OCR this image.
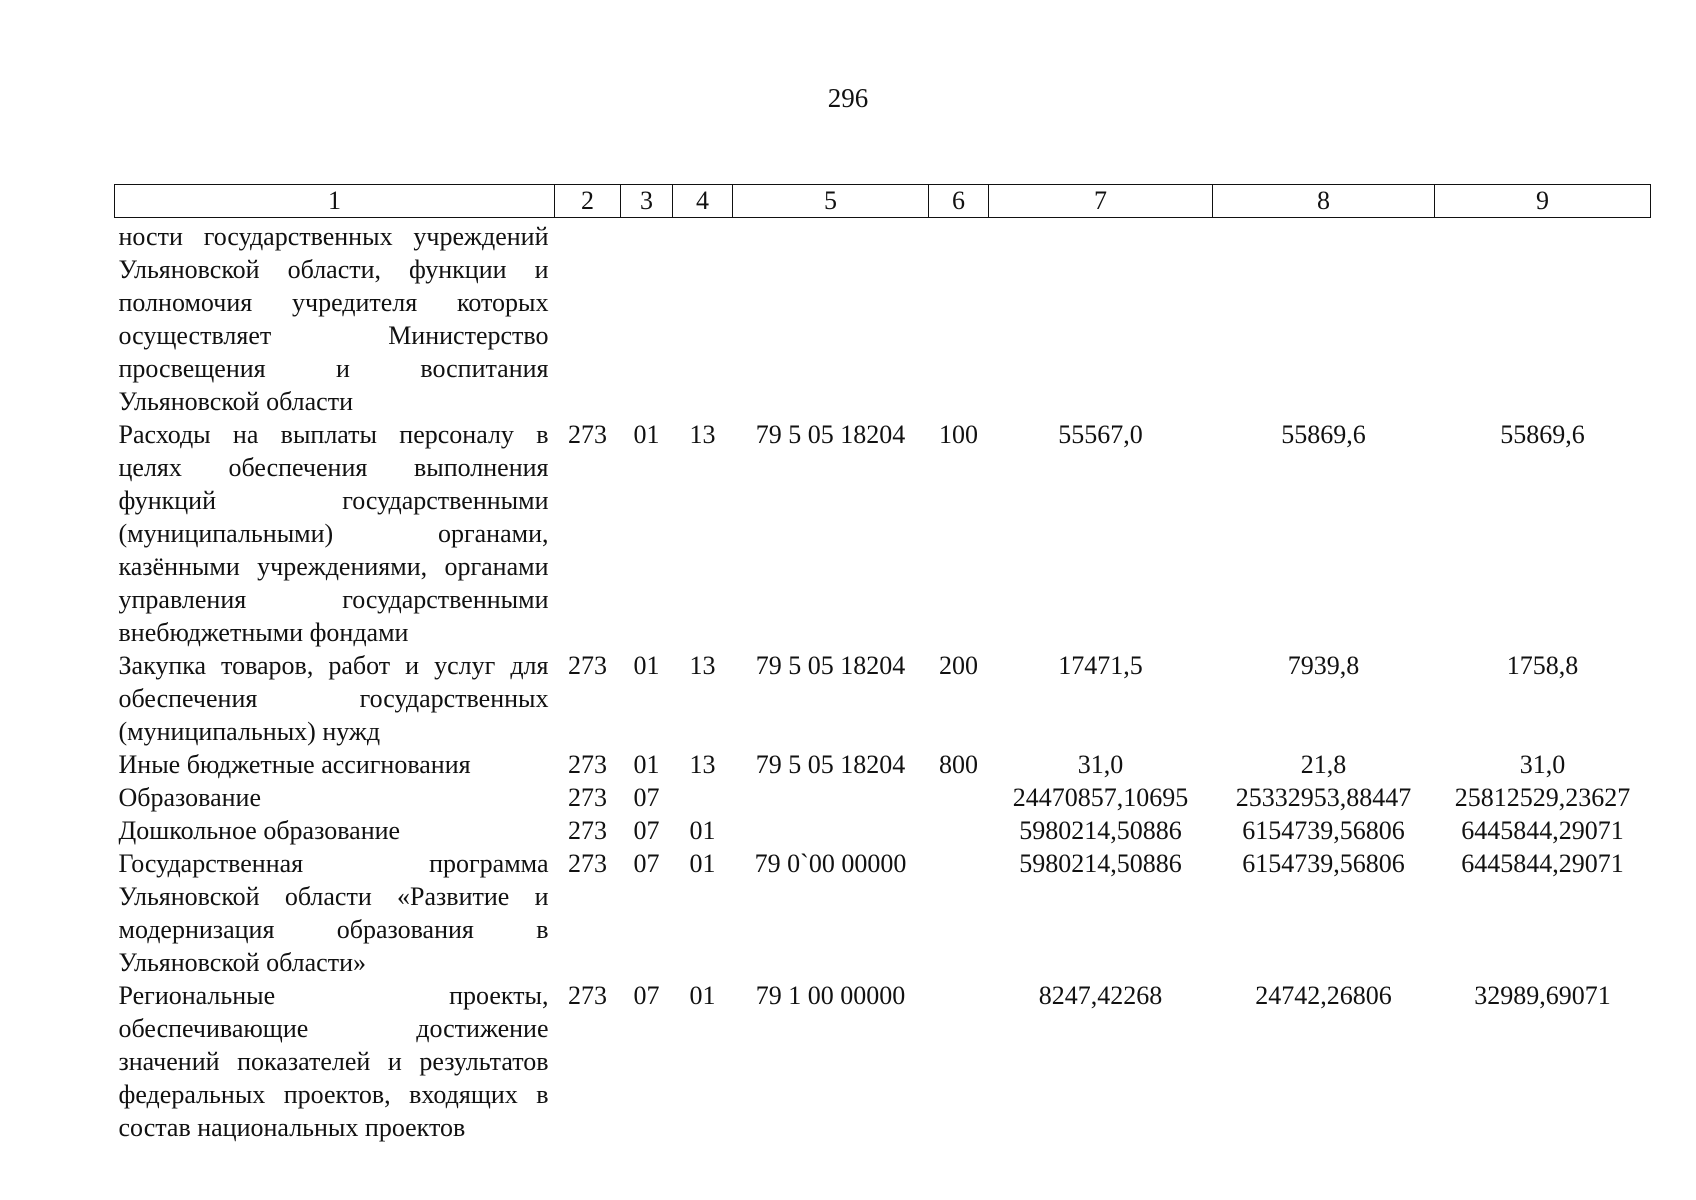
296
1	2	3	4	5	6	7	8	9
ности государственных учреждений Ульяновской области, функции и полномочия учредителя которых осуществляет Министерство просвещения и воспитания Ульяновской области								
Расходы на выплаты персоналу в целях обеспечения выполнения функций государственными (муниципальными) органами, казёнными учреждениями, органами управления государственными внебюджетными фондами	273	01	13	79 5 05 18204	100	55567,0	55869,6	55869,6
Закупка товаров, работ и услуг для обеспечения государственных (муниципальных) нужд	273	01	13	79 5 05 18204	200	17471,5	7939,8	1758,8
Иные бюджетные ассигнования	273	01	13	79 5 05 18204	800	31,0	21,8	31,0
Образование	273	07				24470857,10695	25332953,88447	25812529,23627
Дошкольное образование	273	07	01			5980214,50886	6154739,56806	6445844,29071
Государственная программа Ульяновской области «Развитие и модернизация образования в Ульяновской области»	273	07	01	79 0`00 00000		5980214,50886	6154739,56806	6445844,29071
Региональные проекты, обеспечивающие достижение значений показателей и результатов федеральных проектов, входящих в состав национальных проектов	273	07	01	79 1 00 00000		8247,42268	24742,26806	32989,69071
